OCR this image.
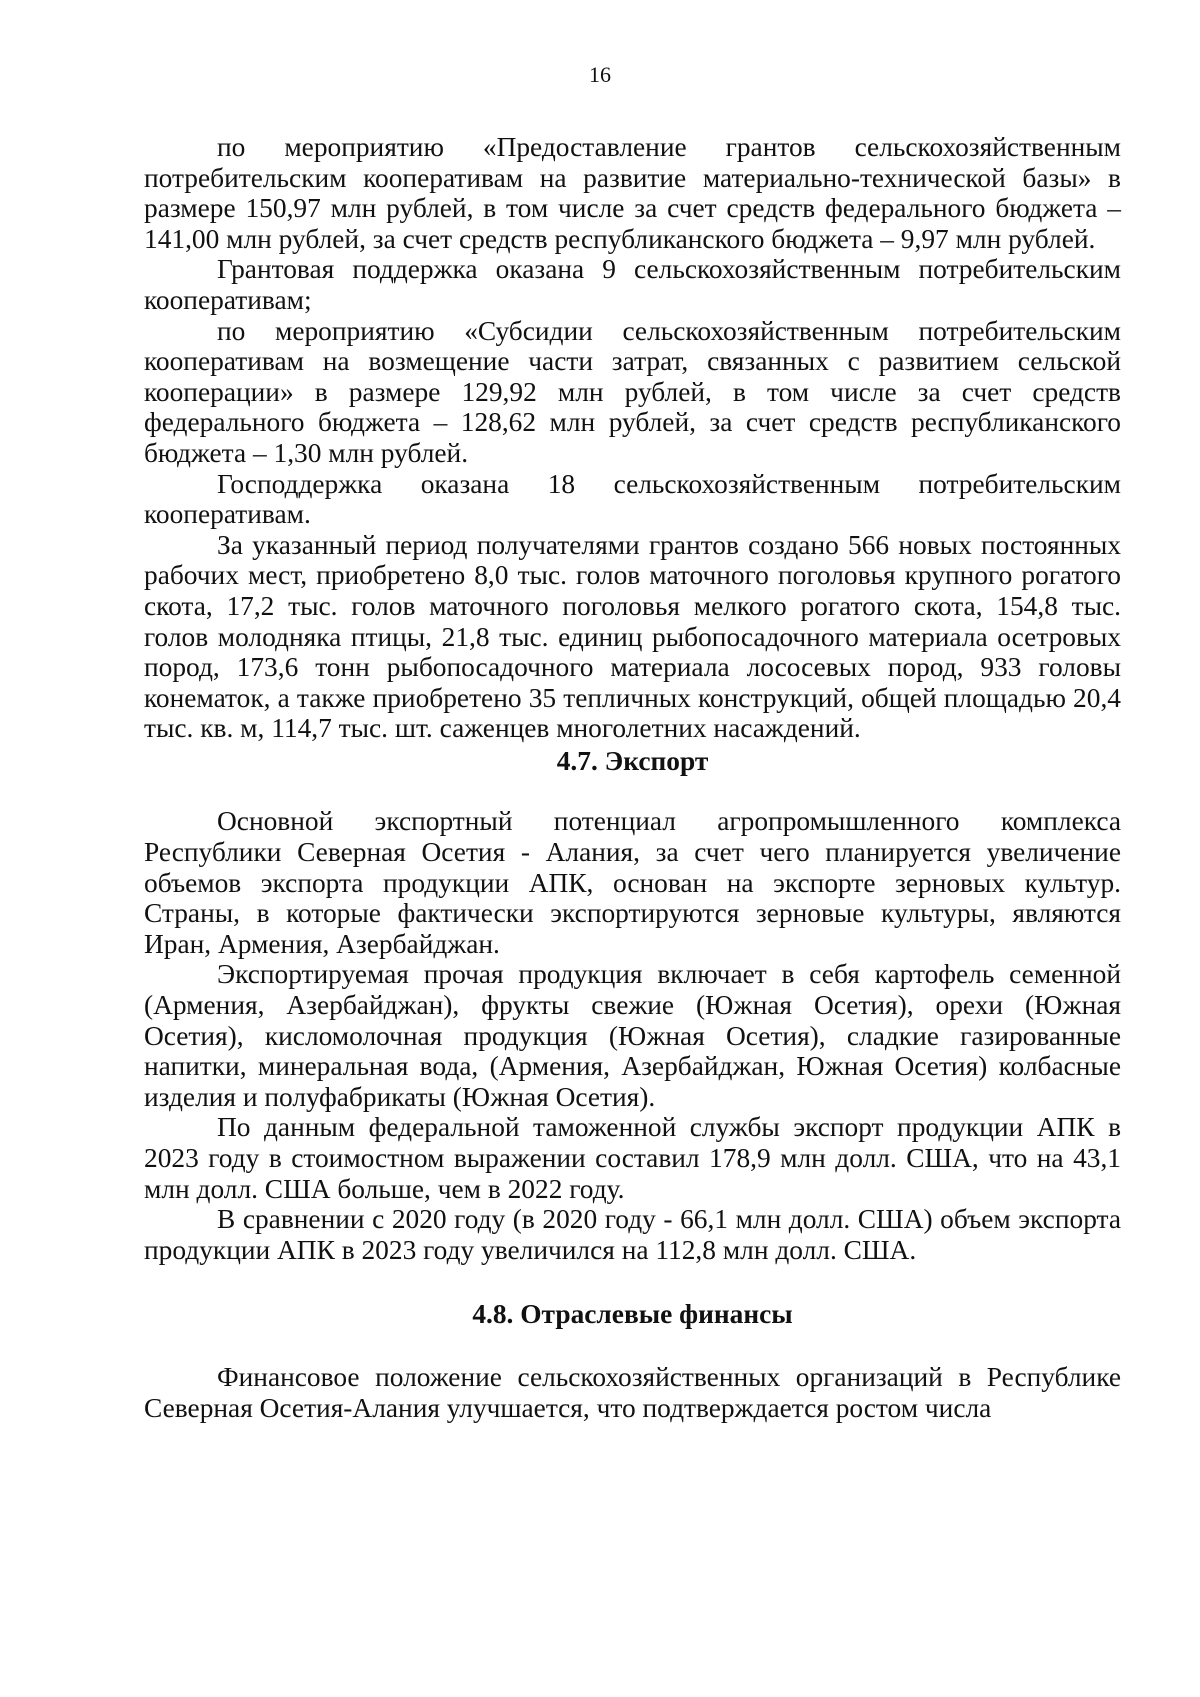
16

по мероприятию «Предоставление грантов сельскохозяйственным потребительским кооперативам на развитие материально-технической базы» в размере 150,97 млн рублей, в том числе за счет средств федерального бюджета – 141,00 млн рублей, за счет средств республиканского бюджета – 9,97 млн рублей.

Грантовая поддержка оказана 9 сельскохозяйственным потребительским кооперативам;

по мероприятию «Субсидии сельскохозяйственным потребительским кооперативам на возмещение части затрат, связанных с развитием сельской кооперации» в размере 129,92 млн рублей, в том числе за счет средств федерального бюджета – 128,62 млн рублей, за счет средств республиканского бюджета – 1,30 млн рублей.

Господдержка оказана 18 сельскохозяйственным потребительским кооперативам.

За указанный период получателями грантов создано 566 новых постоянных рабочих мест, приобретено 8,0 тыс. голов маточного поголовья крупного рогатого скота, 17,2 тыс. голов маточного поголовья мелкого рогатого скота, 154,8 тыс. голов молодняка птицы, 21,8 тыс. единиц рыбопосадочного материала осетровых пород, 173,6 тонн рыбопосадочного материала лососевых пород, 933 головы конематок, а также приобретено 35 тепличных конструкций, общей площадью 20,4 тыс. кв. м, 114,7 тыс. шт. саженцев многолетних насаждений.

4.7. Экспорт

Основной экспортный потенциал агропромышленного комплекса Республики Северная Осетия - Алания, за счет чего планируется увеличение объемов экспорта продукции АПК, основан на экспорте зерновых культур. Страны, в которые фактически экспортируются зерновые культуры, являются Иран, Армения, Азербайджан.

Экспортируемая прочая продукция включает в себя картофель семенной (Армения, Азербайджан), фрукты свежие (Южная Осетия), орехи (Южная Осетия), кисломолочная продукция (Южная Осетия), сладкие газированные напитки, минеральная вода, (Армения, Азербайджан, Южная Осетия) колбасные изделия и полуфабрикаты (Южная Осетия).

По данным федеральной таможенной службы экспорт продукции АПК в 2023 году в стоимостном выражении составил 178,9 млн долл. США, что на 43,1 млн долл. США больше, чем в 2022 году.

В сравнении с 2020 году (в 2020 году - 66,1 млн долл. США) объем экспорта продукции АПК в 2023 году увеличился на 112,8 млн долл. США.

4.8. Отраслевые финансы

Финансовое положение сельскохозяйственных организаций в Республике Северная Осетия-Алания улучшается, что подтверждается ростом числа
